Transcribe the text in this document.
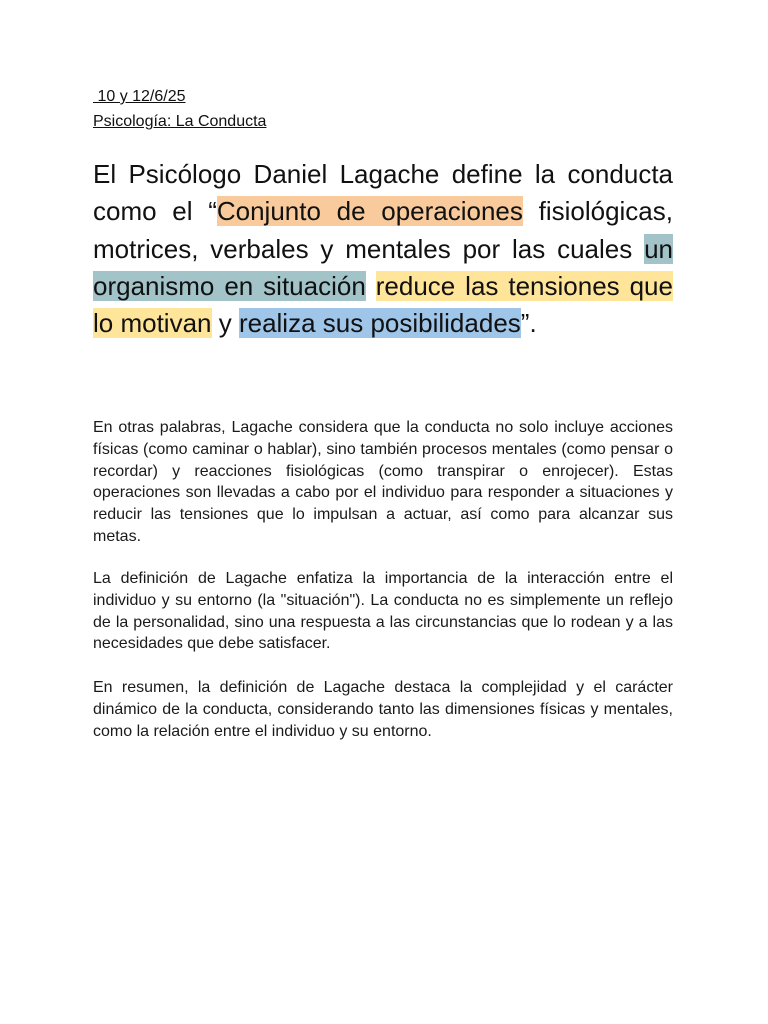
10 y 12/6/25
Psicología: La Conducta
El Psicólogo Daniel Lagache define la conducta como el “Conjunto de operaciones fisiológicas, motrices, verbales y mentales por las cuales un organismo en situación reduce las tensiones que lo motivan y realiza sus posibilidades”.

En otras palabras, Lagache considera que la conducta no solo incluye acciones físicas (como caminar o hablar), sino también procesos mentales (como pensar o recordar) y reacciones fisiológicas (como transpirar o enrojecer). Estas operaciones son llevadas a cabo por el individuo para responder a situaciones y reducir las tensiones que lo impulsan a actuar, así como para alcanzar sus metas.

La definición de Lagache enfatiza la importancia de la interacción entre el individuo y su entorno (la "situación"). La conducta no es simplemente un reflejo de la personalidad, sino una respuesta a las circunstancias que lo rodean y a las necesidades que debe satisfacer.

En resumen, la definición de Lagache destaca la complejidad y el carácter dinámico de la conducta, considerando tanto las dimensiones físicas y mentales, como la relación entre el individuo y su entorno.
